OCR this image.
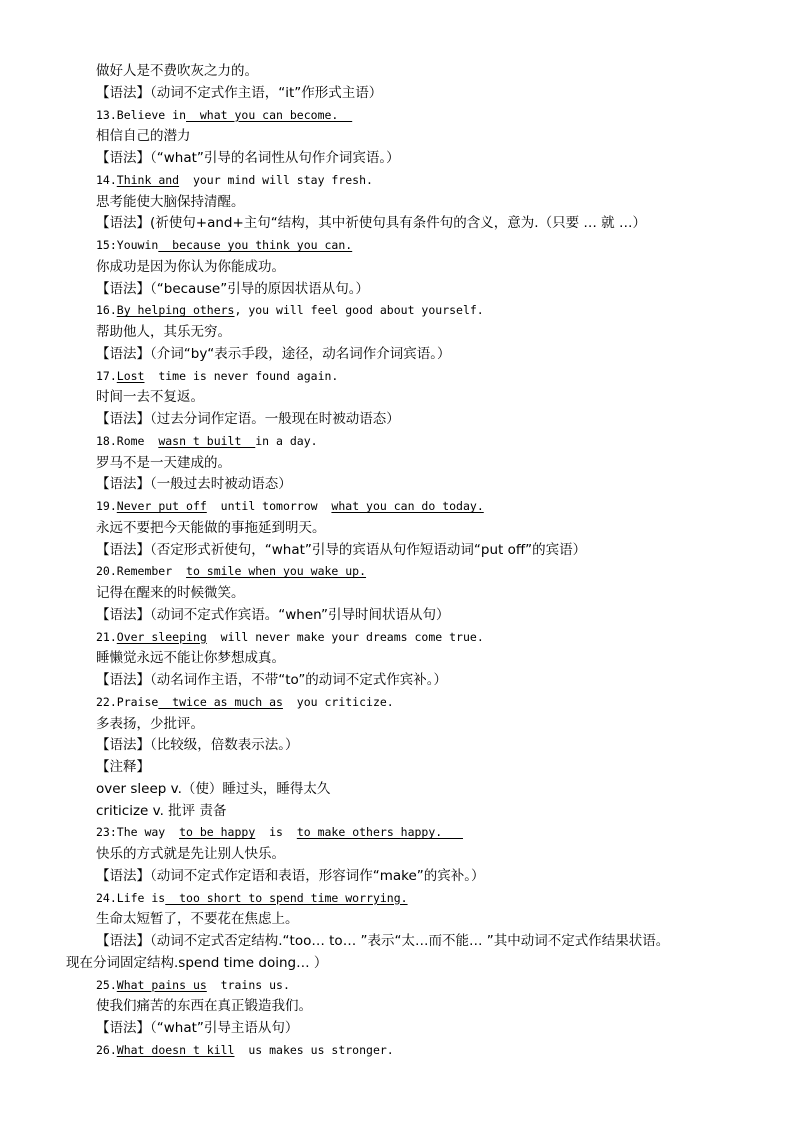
做好人是不费吹灰之力的。
【语法】（动词不定式作主语，“it”作形式主语）
13.Believe in  what you can become.
相信自己的潜力
【语法】（“what”引导的名词性从句作介词宾语。）
14.Think and  your mind will stay fresh.
思考能使大脑保持清醒。
【语法】(祈使句+and+主句“结构，其中祈使句具有条件句的含义，意为.（只要 … 就 …）
15:Youwin  because you think you can.
你成功是因为你认为你能成功。
【语法】（“because”引导的原因状语从句。）
16.By helping others, you will feel good about yourself.
帮助他人，其乐无穷。
【语法】（介词“by“表示手段，途径，动名词作介词宾语。）
17.Lost  time is never found again.
时间一去不复返。
【语法】（过去分词作定语。一般现在时被动语态）
18.Rome  wasn t built  in a day.
罗马不是一天建成的。
【语法】（一般过去时被动语态）
19.Never put off  until tomorrow  what you can do today.
永远不要把今天能做的事拖延到明天。
【语法】（否定形式祈使句，“what”引导的宾语从句作短语动词“put off”的宾语）
20.Remember  to smile when you wake up.
记得在醒来的时候微笑。
【语法】（动词不定式作宾语。“when”引导时间状语从句）
21.Over sleeping  will never make your dreams come true.
睡懒觉永远不能让你梦想成真。
【语法】（动名词作主语，不带“to”的动词不定式作宾补。）
22.Praise  twice as much as  you criticize.
多表扬，少批评。
【语法】（比较级，倍数表示法。）
【注释】
over sleep v.（使）睡过头，睡得太久
criticize v. 批评 责备
23:The way  to be happy  is  to make others happy.
快乐的方式就是先让别人快乐。
【语法】（动词不定式作定语和表语，形容词作“make”的宾补。）
24.Life is  too short to spend time worrying.
生命太短暂了，不要花在焦虑上。
【语法】（动词不定式否定结构.“too… to… ”表示“太…而不能… ”其中动词不定式作结果状语。
现在分词固定结构.spend time doing… ）
25.What pains us  trains us.
使我们痛苦的东西在真正锻造我们。
【语法】（“what”引导主语从句）
26.What doesn t kill  us makes us stronger.
